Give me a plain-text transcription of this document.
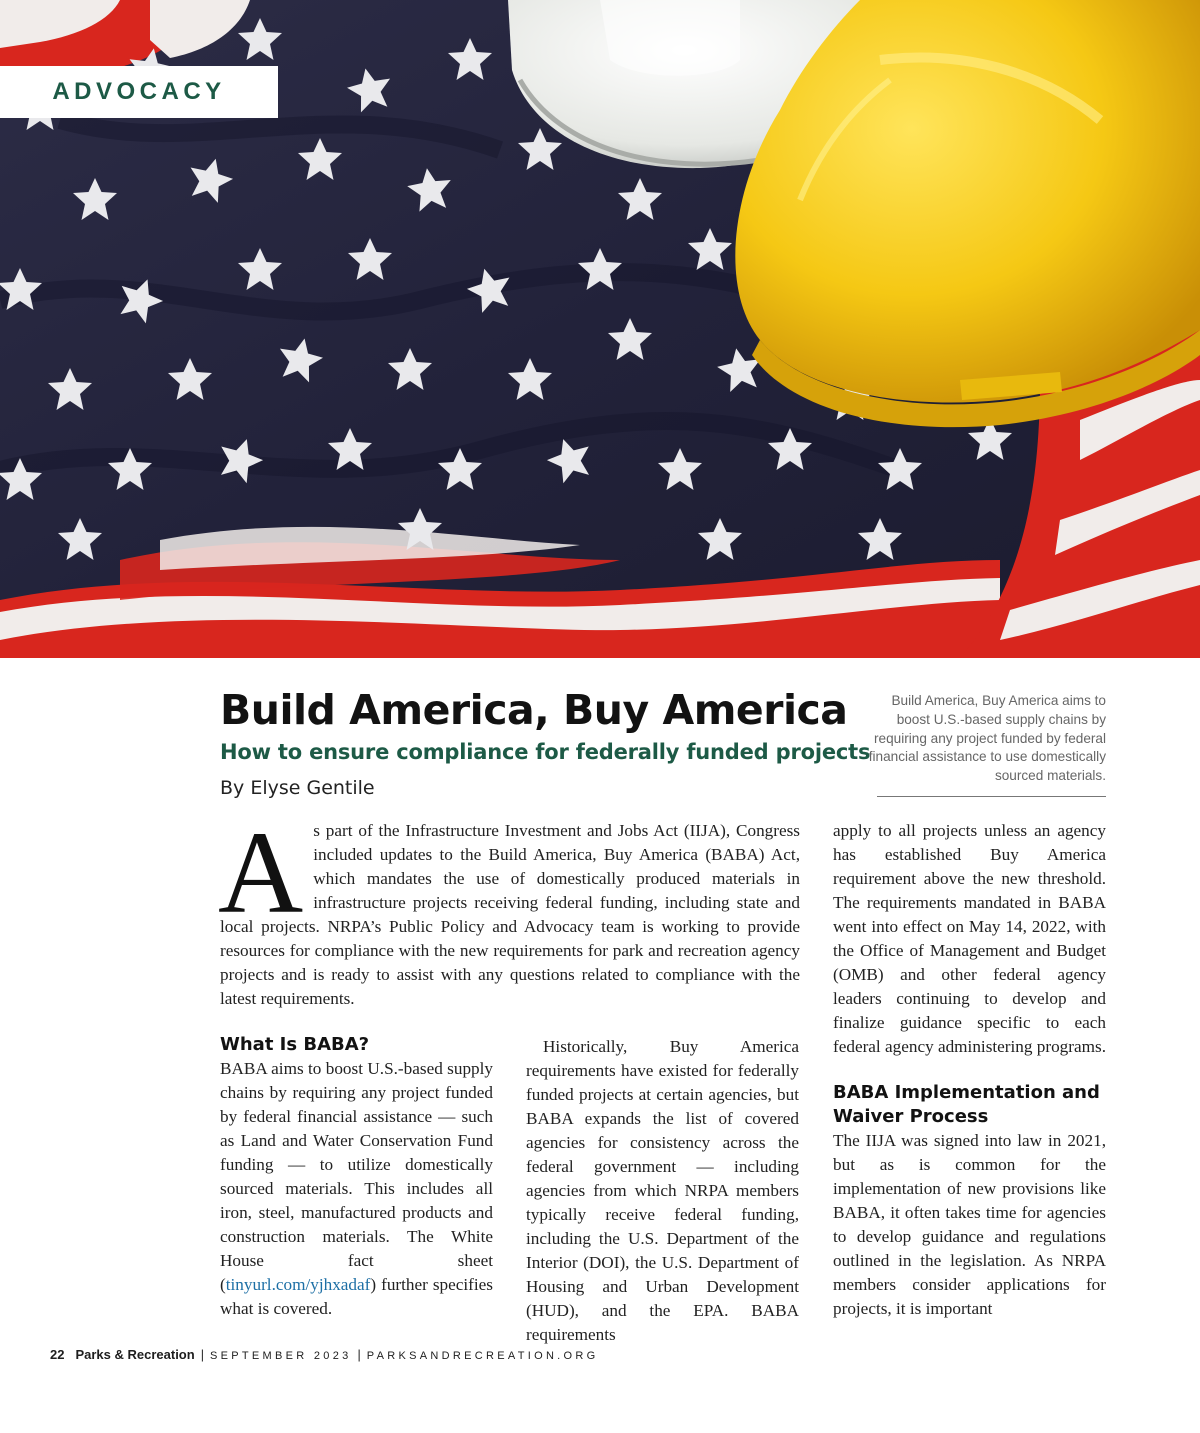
ADVOCACY
Build America, Buy America
How to ensure compliance for federally funded projects

By Elyse Gentile

Build America, Buy America aims to boost U.S.-based supply chains by requiring any project funded by federal financial assistance to use domestically sourced materials.

As part of the Infrastructure Investment and Jobs Act (IIJA), Congress included updates to the Build America, Buy America (BABA) Act, which mandates the use of domestically produced materials in infrastructure projects receiving federal funding, including state and local projects. NRPA’s Public Policy and Advocacy team is working to provide resources for compliance with the new requirements for park and recreation agency projects and is ready to assist with any questions related to compliance with the latest requirements.

What Is BABA?

BABA aims to boost U.S.-based supply chains by requiring any project funded by federal financial assistance — such as Land and Water Conservation Fund funding — to utilize domestically sourced materials. This includes all iron, steel, manufactured products and construction materials. The White House fact sheet (tinyurl.com/yjhxadaf) further specifies what is covered.

Historically, Buy America requirements have existed for federally funded projects at certain agencies, but BABA expands the list of covered agencies for consistency across the federal government — including agencies from which NRPA members typically receive federal funding, including the U.S. Department of the Interior (DOI), the U.S. Department of Housing and Urban Development (HUD), and the EPA. BABA requirements

apply to all projects unless an agency has established Buy America requirement above the new threshold. The requirements mandated in BABA went into effect on May 14, 2022, with the Office of Management and Budget (OMB) and other federal agency leaders continuing to develop and finalize guidance specific to each federal agency administering programs.

BABA Implementation and Waiver Process

The IIJA was signed into law in 2021, but as is common for the implementation of new provisions like BABA, it often takes time for agencies to develop guidance and regulations outlined in the legislation. As NRPA members consider applications for projects, it is important

22 Parks & Recreation | SEPTEMBER 2023 | PARKSANDRECREATION.ORG
